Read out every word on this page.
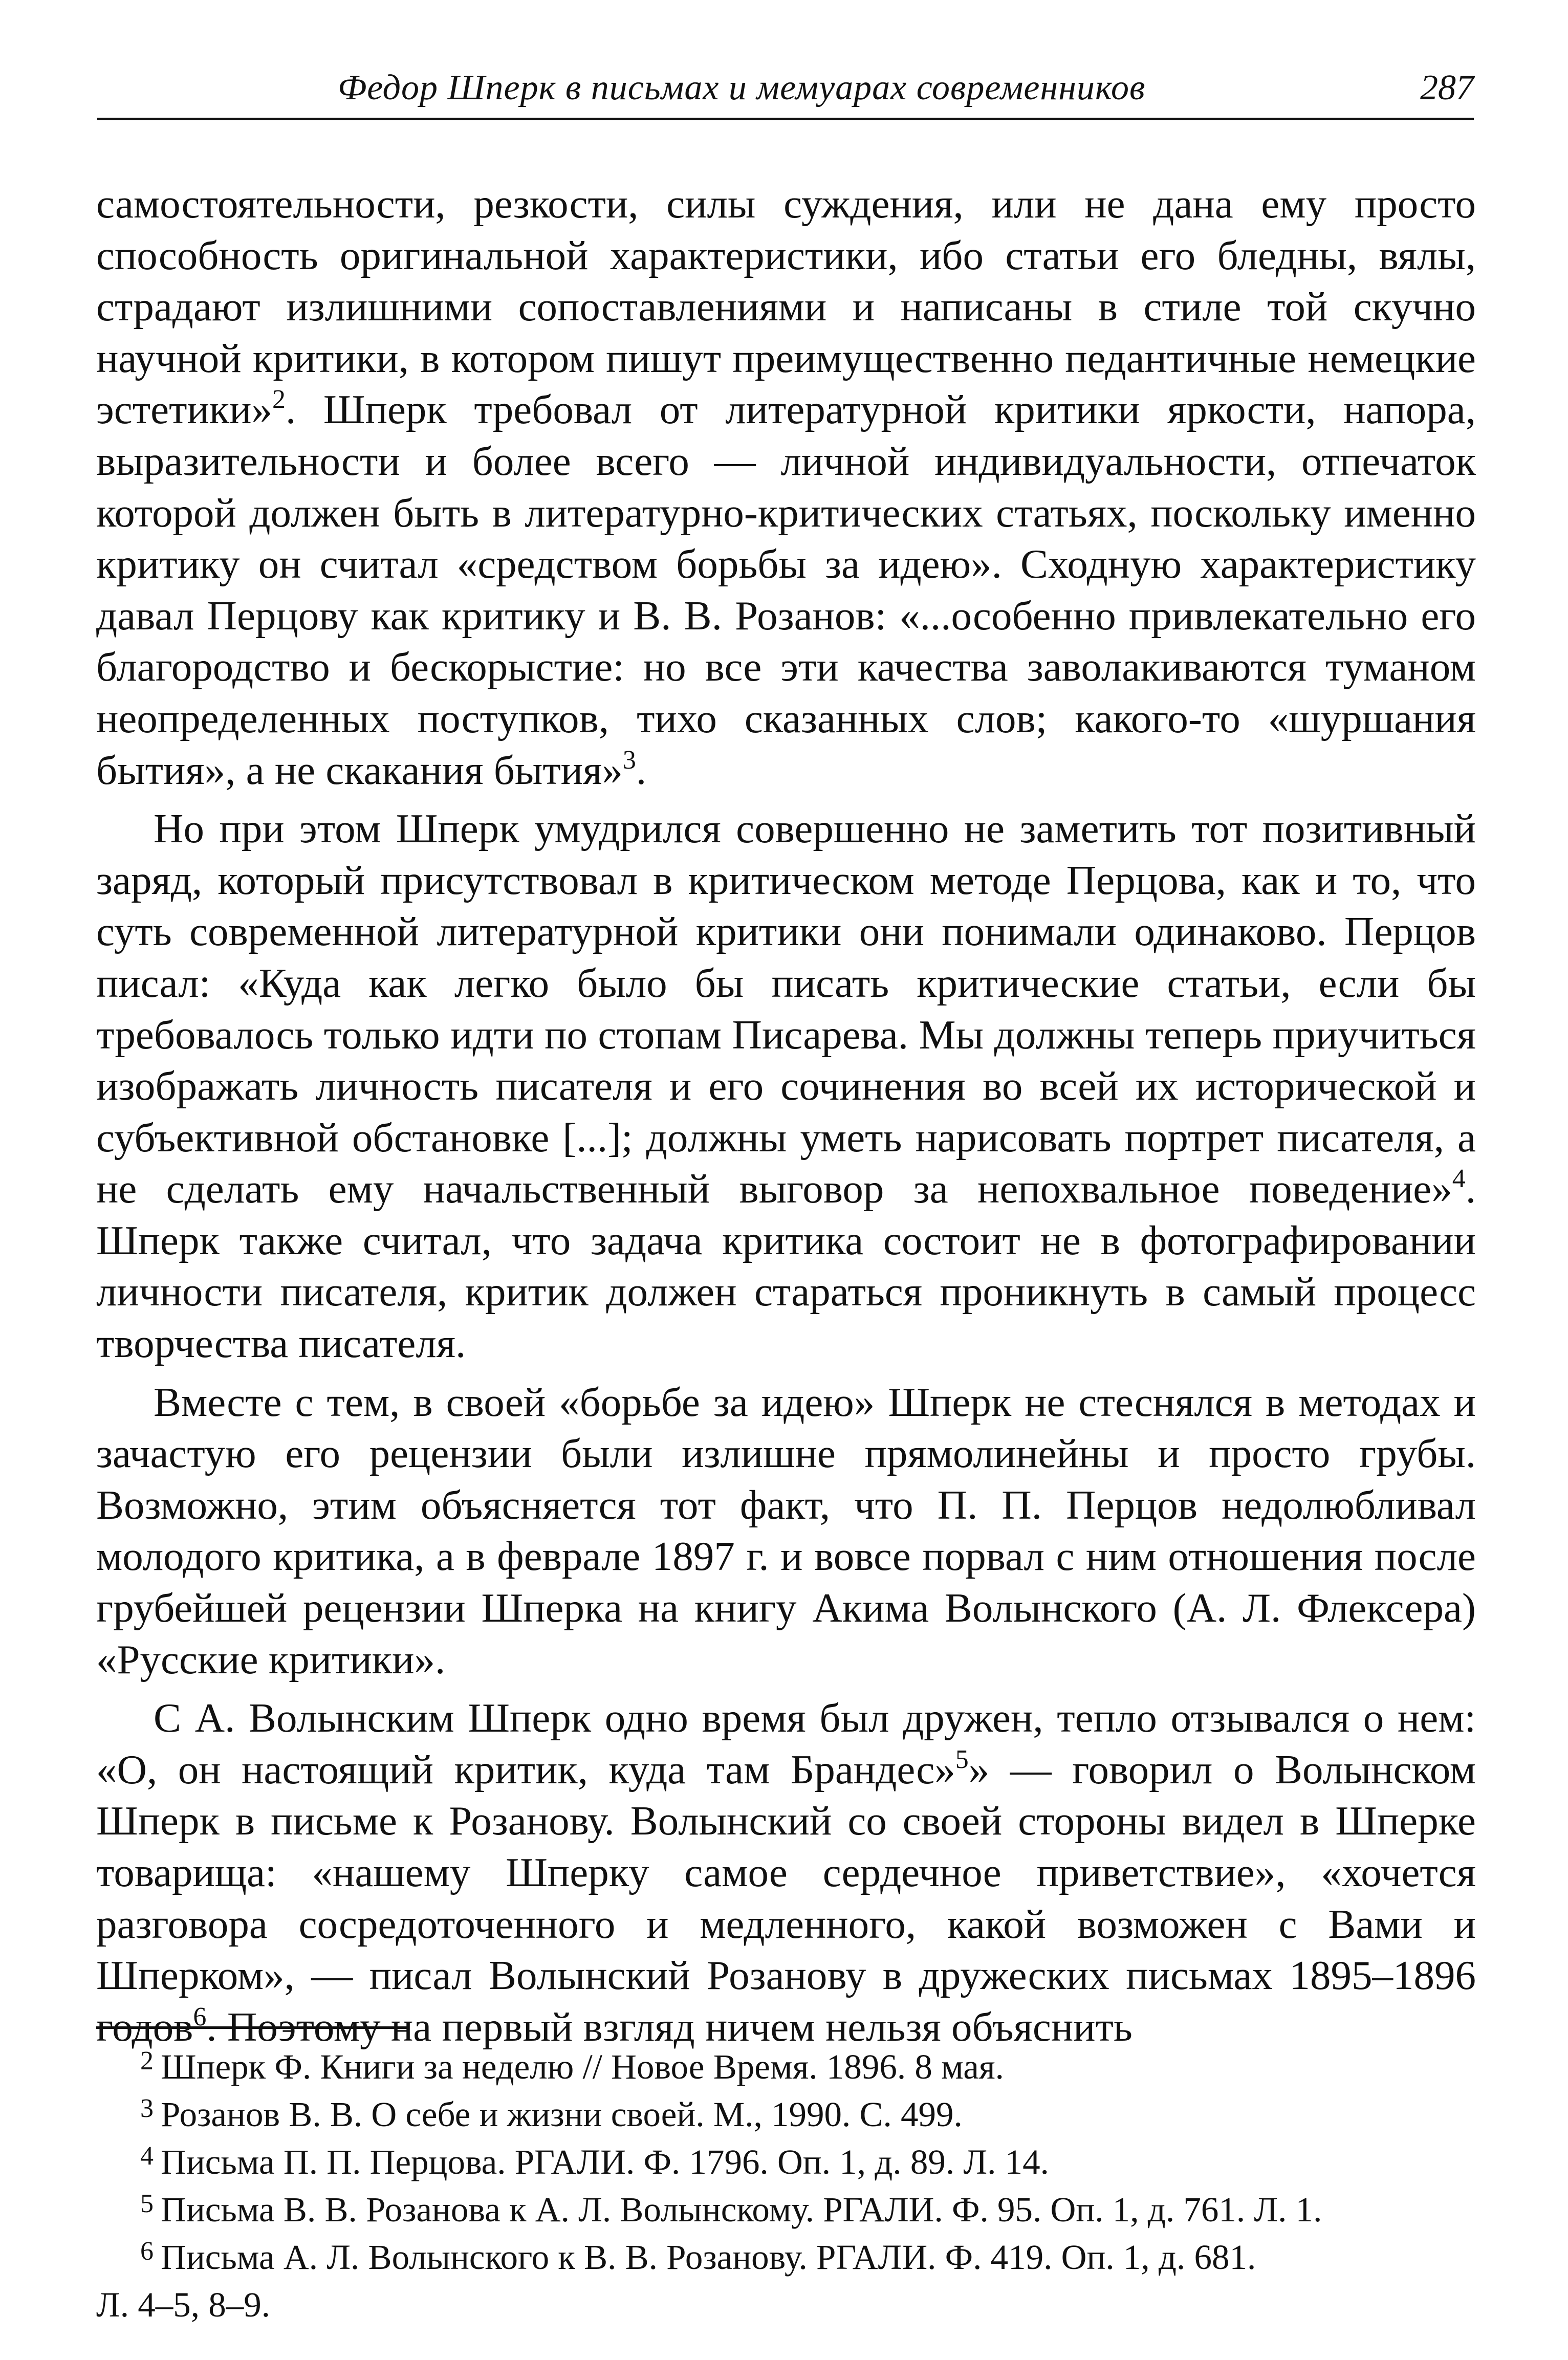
Федор Шперк в письмах и мемуарах современников	287

самостоятельности, резкости, силы суждения, или не дана ему просто способность оригинальной характеристики, ибо статьи его бледны, вялы, страдают излишними сопоставлениями и написаны в стиле той скучно научной критики, в котором пишут преимущественно педантичные немецкие эстетики»$^2$. Шперк требовал от литературной критики яркости, напора, выразительности и более всего — личной индивидуальности, отпечаток которой должен быть в литературно-критических статьях, поскольку именно критику он считал «средством борьбы за идею». Сходную характеристику давал Перцову как критику и В. В. Розанов: «...особенно привлекательно его благородство и бескорыстие: но все эти качества заволакиваются туманом неопределенных поступков, тихо сказанных слов; какого-то «шуршания бытия», а не скакания бытия»$^3$.

Но при этом Шперк умудрился совершенно не заметить тот позитивный заряд, который присутствовал в критическом методе Перцова, как и то, что суть современной литературной критики они понимали одинаково. Перцов писал: «Куда как легко было бы писать критические статьи, если бы требовалось только идти по стопам Писарева. Мы должны теперь приучиться изображать личность писателя и его сочинения во всей их исторической и субъективной обстановке [...]; должны уметь нарисовать портрет писателя, а не сделать ему начальственный выговор за непохвальное поведение»$^4$. Шперк также считал, что задача критика состоит не в фотографировании личности писателя, критик должен стараться проникнуть в самый процесс творчества писателя.

Вместе с тем, в своей «борьбе за идею» Шперк не стеснялся в методах и зачастую его рецензии были излишне прямолинейны и просто грубы. Возможно, этим объясняется тот факт, что П. П. Перцов недолюбливал молодого критика, а в феврале 1897 г. и вовсе порвал с ним отношения после грубейшей рецензии Шперка на книгу Акима Волынского (А. Л. Флексера) «Русские критики».

С А. Волынским Шперк одно время был дружен, тепло отзывался о нем: «О, он настоящий критик, куда там Брандес»$^5$» — говорил о Волынском Шперк в письме к Розанову. Волынский со своей стороны видел в Шперке товарища: «нашему Шперку самое сердечное приветствие», «хочется разговора сосредоточенного и медленного, какой возможен с Вами и Шперком», — писал Волынский Розанову в дружеских письмах 1895–1896 годов$^6$. Поэтому на первый взгляд ничем нельзя объяснить

2 Шперк Ф. Книги за неделю // Новое Время. 1896. 8 мая.
3 Розанов В. В. О себе и жизни своей. М., 1990. С. 499.
4 Письма П. П. Перцова. РГАЛИ. Ф. 1796. Оп. 1, д. 89. Л. 14.
5 Письма В. В. Розанова к А. Л. Волынскому. РГАЛИ. Ф. 95. Оп. 1, д. 761. Л. 1.
6 Письма А. Л. Волынского к В. В. Розанову. РГАЛИ. Ф. 419. Оп. 1, д. 681.
Л. 4–5, 8–9.
